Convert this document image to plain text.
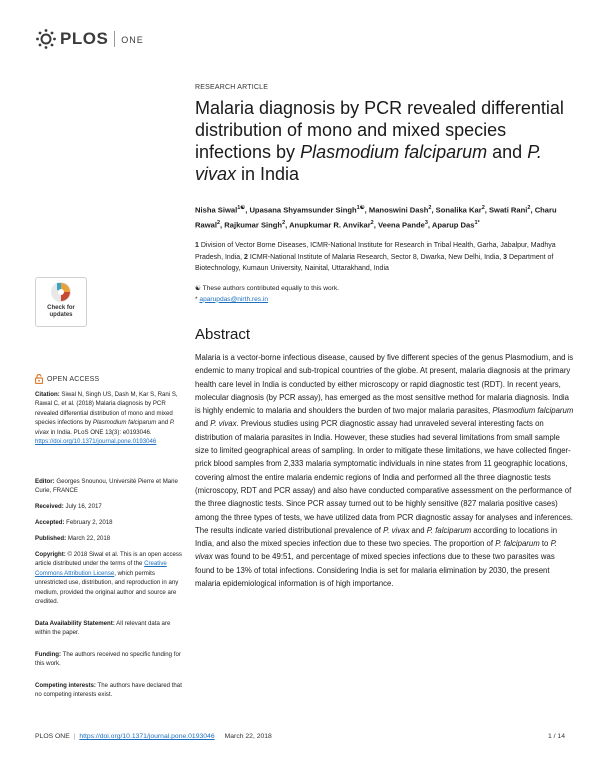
PLOS ONE
Check for
updates
OPEN ACCESS
Citation: Siwal N, Singh US, Dash M, Kar S, Rani S, Rawal C, et al. (2018) Malaria diagnosis by PCR revealed differential distribution of mono and mixed species infections by Plasmodium falciparum and P. vivax in India. PLoS ONE 13(3): e0193046. https://doi.org/10.1371/journal.pone.0193046
Editor: Georges Snounou, Université Pierre et Marie Curie, FRANCE
Received: July 16, 2017
Accepted: February 2, 2018
Published: March 22, 2018
Copyright: © 2018 Siwal et al. This is an open access article distributed under the terms of the Creative Commons Attribution License, which permits unrestricted use, distribution, and reproduction in any medium, provided the original author and source are credited.
Data Availability Statement: All relevant data are within the paper.
Funding: The authors received no specific funding for this work.
Competing interests: The authors have declared that no competing interests exist.
RESEARCH ARTICLE
Malaria diagnosis by PCR revealed differential distribution of mono and mixed species infections by Plasmodium falciparum and P. vivax in India
Nisha Siwal$^{1☯}$, Upasana Shyamsunder Singh$^{1☯}$, Manoswini Dash$^2$, Sonalika Kar$^2$, Swati Rani$^2$, Charu Rawal$^2$, Rajkumar Singh$^2$, Anupkumar R. Anvikar$^2$, Veena Pande$^3$, Aparup Das$^{1*}$
1 Division of Vector Borne Diseases, ICMR-National Institute for Research in Tribal Health, Garha, Jabalpur, Madhya Pradesh, India, 2 ICMR-National Institute of Malaria Research, Sector 8, Dwarka, New Delhi, India, 3 Department of Biotechnology, Kumaun University, Nainital, Uttarakhand, India
☯ These authors contributed equally to this work.
* aparupdas@nirth.res.in
Abstract

Malaria is a vector-borne infectious disease, caused by five different species of the genus Plasmodium, and is endemic to many tropical and sub-tropical countries of the globe. At present, malaria diagnosis at the primary health care level in India is conducted by either microscopy or rapid diagnostic test (RDT). In recent years, molecular diagnosis (by PCR assay), has emerged as the most sensitive method for malaria diagnosis. India is highly endemic to malaria and shoulders the burden of two major malaria parasites, Plasmodium falciparum and P. vivax. Previous studies using PCR diagnostic assay had unraveled several interesting facts on distribution of malaria parasites in India. However, these studies had several limitations from small sample size to limited geographical areas of sampling. In order to mitigate these limitations, we have collected finger-prick blood samples from 2,333 malaria symptomatic individuals in nine states from 11 geographic locations, covering almost the entire malaria endemic regions of India and performed all the three diagnostic tests (microscopy, RDT and PCR assay) and also have conducted comparative assessment on the performance of the three diagnostic tests. Since PCR assay turned out to be highly sensitive (827 malaria positive cases) among the three types of tests, we have utilized data from PCR diagnostic assay for analyses and inferences. The results indicate varied distributional prevalence of P. vivax and P. falciparum according to locations in India, and also the mixed species infection due to these two species. The proportion of P. falciparum to P. vivax was found to be 49:51, and percentage of mixed species infections due to these two parasites was found to be 13% of total infections. Considering India is set for malaria elimination by 2030, the present malaria epidemiological information is of high importance.

PLOS ONE | https://doi.org/10.1371/journal.pone.0193046 March 22, 2018	1 / 14
